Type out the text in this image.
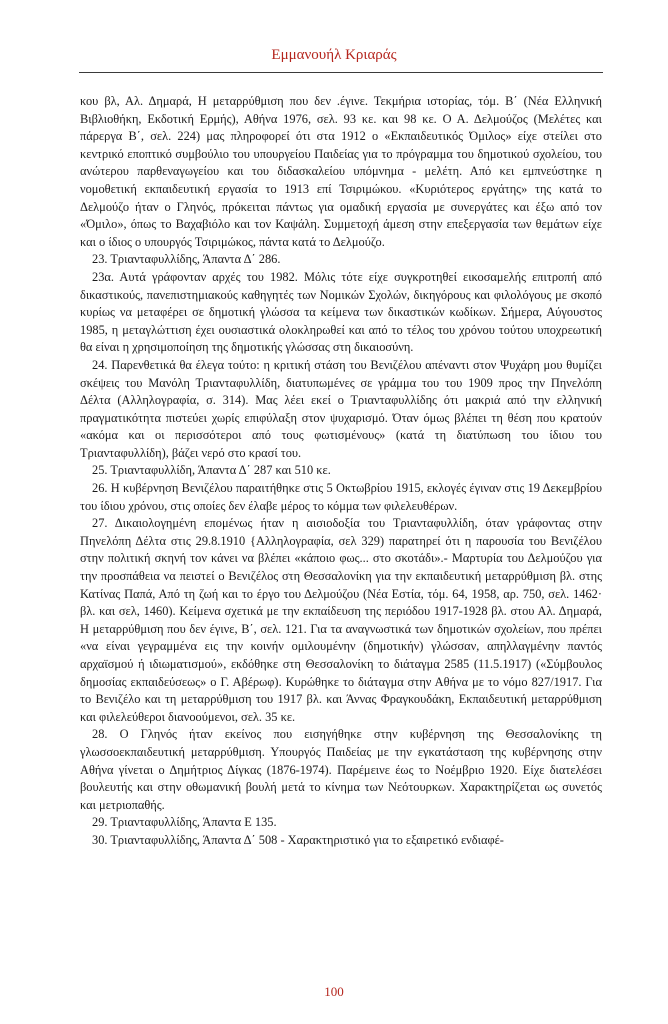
Εμμανουήλ Κριαράς

κου βλ, Αλ. Δημαρά, Η μεταρρύθμιση που δεν .έγινε. Τεκμήρια ιστορίας, τόμ. Β΄ (Νέα Ελληνική Βιβλιοθήκη, Εκδοτική Ερμής), Αθήνα 1976, σελ. 93 κε. και 98 κε. Ο Α. Δελμούζος (Μελέτες και πάρεργα Β΄, σελ. 224) μας πληροφορεί ότι στα 1912 ο «Εκπαιδευτικός Όμιλος» είχε στείλει στο κεντρικό εποπτικό συμβούλιο του υπουργείου Παιδείας για το πρόγραμμα του δημοτικού σχολείου, του ανώτερου παρθεναγωγείου και του διδασκαλείου υπόμνημα - μελέτη. Από κει εμπνεύστηκε η νομοθετική εκπαιδευτική εργασία το 1913 επί Τσιριμώκου. «Κυριότερος εργάτης» της κατά το Δελμούζο ήταν ο Γληνός, πρόκειται πάντως για ομαδική εργασία με συνεργάτες και έξω από τον «Όμιλο», όπως το Βαχαβιόλο και τον Καψάλη. Συμμετοχή άμεση στην επεξεργασία των θεμάτων είχε και ο ίδιος ο υπουργός Τσιριμώκος, πάντα κατά το Δελμούζο.

23. Τριανταφυλλίδης, Άπαντα Δ΄ 286.

23α. Αυτά γράφονταν αρχές του 1982. Μόλις τότε είχε συγκροτηθεί εικοσαμελής επιτροπή από δικαστικούς, πανεπιστημιακούς καθηγητές των Νομικών Σχολών, δικηγόρους και φιλολόγους με σκοπό κυρίως να μεταφέρει σε δημοτική γλώσσα τα κείμενα των δικαστικών κωδίκων. Σήμερα, Αύγουστος 1985, η μεταγλώττιση έχει ουσιαστικά ολοκληρωθεί και από το τέλος του χρόνου τούτου υποχρεωτική θα είναι η χρησιμοποίηση της δημοτικής γλώσσας στη δικαιοσύνη.

24. Παρενθετικά θα έλεγα τούτο: η κριτική στάση του Βενιζέλου απέναντι στον Ψυχάρη μου θυμίζει σκέψεις του Μανόλη Τριανταφυλλίδη, διατυπωμένες σε γράμμα του του 1909 προς την Πηνελόπη Δέλτα (Αλληλογραφία, σ. 314). Μας λέει εκεί ο Τριανταφυλλίδης ότι μακριά από την ελληνική πραγματικότητα πιστεύει χωρίς επιφύλαξη στον ψυχαρισμό. Όταν όμως βλέπει τη θέση που κρατούν «ακόμα και οι περισσότεροι από τους φωτισμένους» (κατά τη διατύπωση του ίδιου του Τριανταφυλλίδη), βάζει νερό στο κρασί του.

25. Τριανταφυλλίδη, Άπαντα Δ΄ 287 και 510 κε.

26. Η κυβέρνηση Βενιζέλου παραιτήθηκε στις 5 Οκτωβρίου 1915, εκλογές έγιναν στις 19 Δεκεμβρίου του ίδιου χρόνου, στις οποίες δεν έλαβε μέρος το κόμμα των φιλελευθέρων.

27. Δικαιολογημένη επομένως ήταν η αισιοδοξία του Τριανταφυλλίδη, όταν γράφοντας στην Πηνελόπη Δέλτα στις 29.8.1910 {Αλληλογραφία, σελ 329) παρατηρεί ότι η παρουσία του Βενιζέλου στην πολιτική σκηνή τον κάνει να βλέπει «κάποιο φως... στο σκοτάδι».- Μαρτυρία του Δελμούζου για την προσπάθεια να πειστεί ο Βενιζέλος στη Θεσσαλονίκη για την εκπαιδευτική μεταρρύθμιση βλ. στης Κατίνας Παπά, Από τη ζωή και το έργο του Δελμούζου (Νέα Εστία, τόμ. 64, 1958, αρ. 750, σελ. 1462· βλ. και σελ, 1460). Κείμενα σχετικά με την εκπαίδευση της περιόδου 1917-1928 βλ. στου Αλ. Δημαρά, Η μεταρρύθμιση που δεν έγινε, Β΄, σελ. 121. Για τα αναγνωστικά των δημοτικών σχολείων, που πρέπει «να είναι γεγραμμένα εις την κοινήν ομιλουμένην (δημοτικήν) γλώσσαν, απηλλαγμένην παντός αρχαϊσμού ή ιδιωματισμού», εκδόθηκε στη Θεσσαλονίκη το διάταγμα 2585 (11.5.1917) («Σύμβουλος δημοσίας εκπαιδεύσεως» ο Γ. Αβέρωφ). Κυρώθηκε το διάταγμα στην Αθήνα με το νόμο 827/1917. Για το Βενιζέλο και τη μεταρρύθμιση του 1917 βλ. και Άννας Φραγκουδάκη, Εκπαιδευτική μεταρρύθμιση και φιλελεύθεροι διανοούμενοι, σελ. 35 κε.

28. Ο Γληνός ήταν εκείνος που εισηγήθηκε στην κυβέρνηση της Θεσσαλονίκης τη γλωσσοεκπαιδευτική μεταρρύθμιση. Υπουργός Παιδείας με την εγκατάσταση της κυβέρνησης στην Αθήνα γίνεται ο Δημήτριος Δίγκας (1876-1974). Παρέμεινε έως το Νοέμβριο 1920. Είχε διατελέσει βουλευτής και στην οθωμανική βουλή μετά το κίνημα των Νεότουρκων. Χαρακτηρίζεται ως συνετός και μετριοπαθής.

29. Τριανταφυλλίδης, Άπαντα Ε 135.

30. Τριανταφυλλίδης, Άπαντα Δ΄ 508 - Χαρακτηριστικό για το εξαιρετικό ενδιαφέ-

100
